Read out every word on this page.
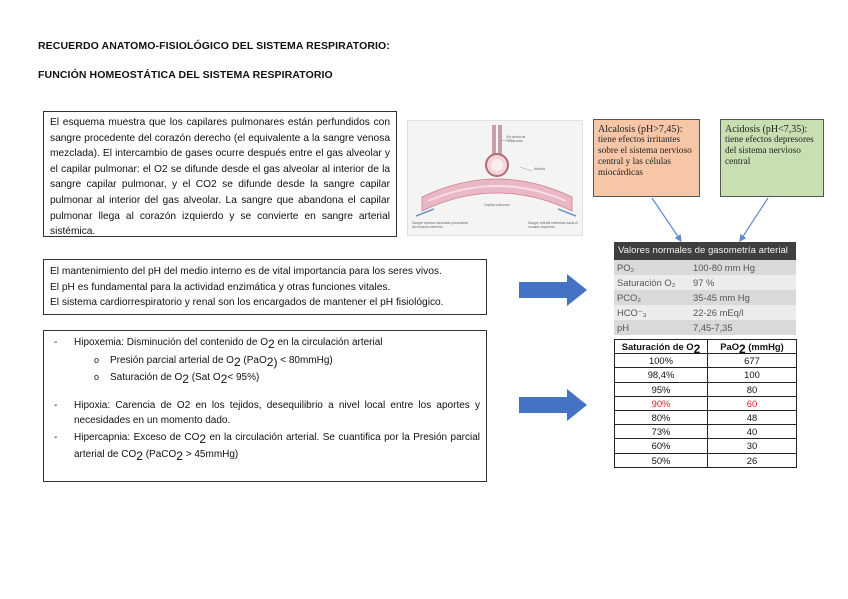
RECUERDO ANATOMO-FISIOLÓGICO DEL SISTEMA RESPIRATORIO:
FUNCIÓN HOMEOSTÁTICA DEL SISTEMA RESPIRATORIO

El esquema muestra que los capilares pulmonares están perfundidos con sangre procedente del corazón derecho (el equivalente a la sangre venosa mezclada). El intercambio de gases ocurre después entre el gas alveolar y el capilar pulmonar: el O2 se difunde desde el gas alveolar al interior de la sangre capilar pulmonar, y el CO2 se difunde desde la sangre capilar pulmonar al interior del gas alveolar. La sangre que abandona el capilar pulmonar llega al corazón izquierdo y se convierte en sangre arterial sistémica.

Vía aérea de conducción
Alvéolo
Capilar pulmonar
Sangre venosa mezclada procedente del corazón derecho
Sangre arterial sistémica hacia el corazón izquierdo
Alcalosis (pH>7,45):
tiene efectos irritantes sobre el sistema nervioso central y las células miocárdicas
Acidosis (pH<7,35):
tiene efectos depresores del sistema nervioso central

El mantenimiento del pH del medio interno es de vital importancia para los seres vivos.

El pH es fundamental para la actividad enzimática y otras funciones vitales.

El sistema cardiorrespiratorio y renal son los encargados de mantener el pH fisiológico.

- Hipoxemia: Disminución del contenido de $O_2$ en la circulación arterial
o Presión parcial arterial de $O_2$ (PaO$_{2)}$ < 80mmHg)
o Saturación de $O_2$ (Sat $O_2< 95\%$)
- Hipoxia: Carencia de O2 en los tejidos, desequilibrio a nivel local entre los aportes y necesidades en un momento dado.
- Hipercapnia: Exceso de $CO_2$ en la circulación arterial. Se cuantifica por la Presión parcial arterial de $CO_2$ (PaCO$_2$ > 45mmHg)
Valores normales de gasometría arterial
PO₂	100-80 mm Hg
Saturación O₂	97 %
PCO₂	35-45 mm Hg
HCO⁻₃	22-26 mEq/l
pH	7,45-7,35
Saturación de $O_2$	PaO$_2$ (mmHg)
100%	677
98,4%	100
95%	80
90%	60
80%	48
73%	40
60%	30
50%	26
